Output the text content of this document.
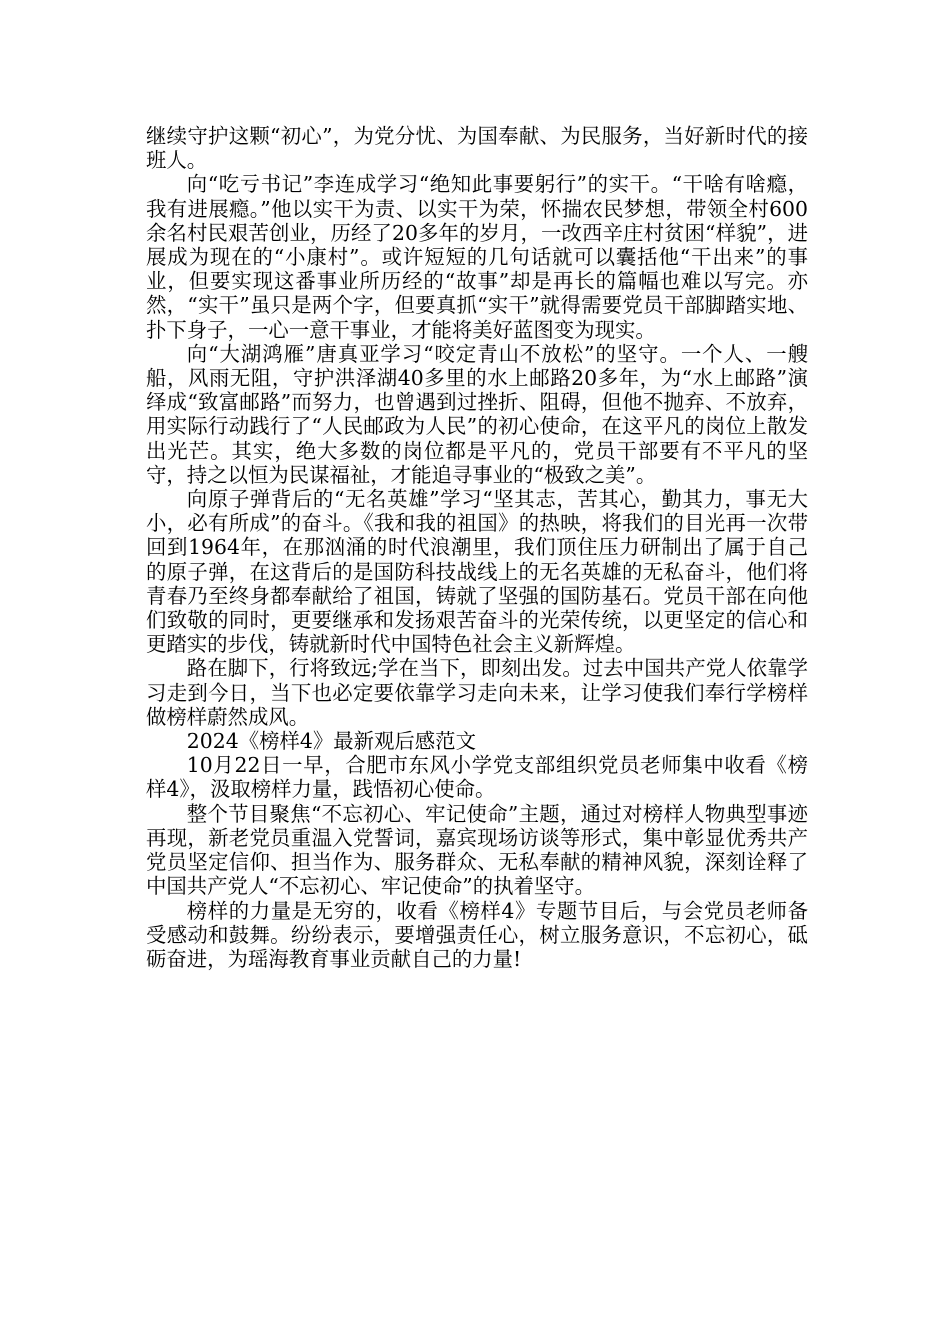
继续守护这颗“初心”，为党分忧、为国奉献、为民服务，当好新时代的接班人。

向“吃亏书记”李连成学习“绝知此事要躬行”的实干。“干啥有啥瘾，我有进展瘾。”他以实干为责、以实干为荣，怀揣农民梦想，带领全村600余名村民艰苦创业，历经了20多年的岁月，一改西辛庄村贫困“样貌”，进展成为现在的“小康村”。或许短短的几句话就可以囊括他“干出来”的事业，但要实现这番事业所历经的“故事”却是再长的篇幅也难以写完。亦然，“实干”虽只是两个字，但要真抓“实干”就得需要党员干部脚踏实地、扑下身子，一心一意干事业，才能将美好蓝图变为现实。

向“大湖鸿雁”唐真亚学习“咬定青山不放松”的坚守。一个人、一艘船，风雨无阻，守护洪泽湖40多里的水上邮路20多年，为“水上邮路”演绎成“致富邮路”而努力，也曾遇到过挫折、阻碍，但他不抛弃、不放弃，用实际行动践行了“人民邮政为人民”的初心使命，在这平凡的岗位上散发出光芒。其实，绝大多数的岗位都是平凡的，党员干部要有不平凡的坚守，持之以恒为民谋福祉，才能追寻事业的“极致之美”。

向原子弹背后的“无名英雄”学习“坚其志，苦其心，勤其力，事无大小，必有所成”的奋斗。《我和我的祖国》的热映，将我们的目光再一次带回到1964年，在那汹涌的时代浪潮里，我们顶住压力研制出了属于自己的原子弹，在这背后的是国防科技战线上的无名英雄的无私奋斗，他们将青春乃至终身都奉献给了祖国，铸就了坚强的国防基石。党员干部在向他们致敬的同时，更要继承和发扬艰苦奋斗的光荣传统，以更坚定的信心和更踏实的步伐，铸就新时代中国特色社会主义新辉煌。

路在脚下，行将致远;学在当下，即刻出发。过去中国共产党人依靠学习走到今日，当下也必定要依靠学习走向未来，让学习使我们奉行学榜样做榜样蔚然成风。

2024《榜样4》最新观后感范文

10月22日一早，合肥市东风小学党支部组织党员老师集中收看《榜样4》，汲取榜样力量，践悟初心使命。

整个节目聚焦“不忘初心、牢记使命”主题，通过对榜样人物典型事迹再现，新老党员重温入党誓词，嘉宾现场访谈等形式，集中彰显优秀共产党员坚定信仰、担当作为、服务群众、无私奉献的精神风貌，深刻诠释了中国共产党人“不忘初心、牢记使命”的执着坚守。

榜样的力量是无穷的，收看《榜样4》专题节目后，与会党员老师备受感动和鼓舞。纷纷表示，要增强责任心，树立服务意识，不忘初心，砥砺奋进，为瑶海教育事业贡献自己的力量!
